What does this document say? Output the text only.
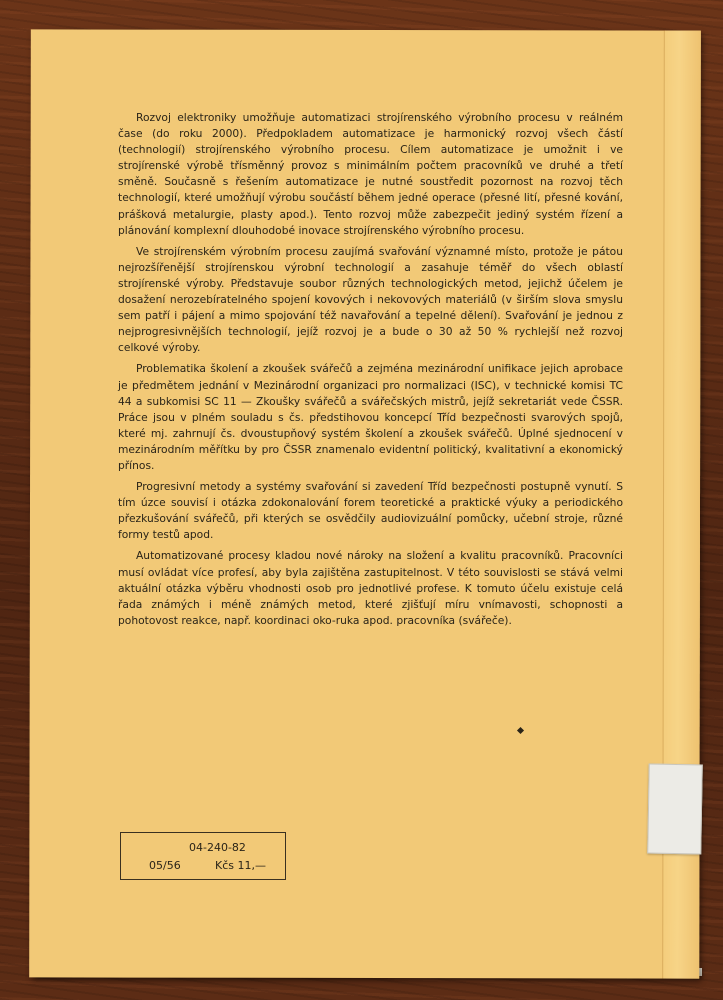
Rozvoj elektroniky umožňuje automatizaci strojírenského výrobního procesu v reálném čase (do roku 2000). Předpokladem automatizace je harmonický rozvoj všech částí (technologií) strojírenského výrobního procesu. Cílem automatizace je umožnit i ve strojírenské výrobě třísměnný provoz s minimálním počtem pracovníků ve druhé a třetí směně. Současně s řešením automatizace je nutné soustředit pozornost na rozvoj těch technologií, které umožňují výrobu součástí během jedné operace (přesné lití, přesné kování, prášková metalurgie, plasty apod.). Tento rozvoj může zabezpečit jediný systém řízení a plánování komplexní dlouhodobé inovace strojírenského výrobního procesu.

Ve strojírenském výrobním procesu zaujímá svařování významné místo, protože je pátou nejrozšířenější strojírenskou výrobní technologií a zasahuje téměř do všech oblastí strojírenské výroby. Představuje soubor různých technologických metod, jejichž účelem je dosažení nerozebíratelného spojení kovových i nekovových materiálů (v širším slova smyslu sem patří i pájení a mimo spojování též navařování a tepelné dělení). Svařování je jednou z nejprogresivnějších technologií, jejíž rozvoj je a bude o 30 až 50 % rychlejší než rozvoj celkové výroby.

Problematika školení a zkoušek svářečů a zejména mezinárodní unifikace jejich aprobace je předmětem jednání v Mezinárodní organizaci pro normalizaci (ISC), v technické komisi TC 44 a subkomisi SC 11 — Zkoušky svářečů a svářečských mistrů, jejíž sekretariát vede ČSSR. Práce jsou v plném souladu s čs. předstihovou koncepcí Tříd bezpečnosti svarových spojů, které mj. zahrnují čs. dvoustupňový systém školení a zkoušek svářečů. Úplné sjednocení v mezinárodním měřítku by pro ČSSR znamenalo evidentní politický, kvalitativní a ekonomický přínos.

Progresivní metody a systémy svařování si zavedení Tříd bezpečnosti postupně vynutí. S tím úzce souvisí i otázka zdokonalování forem teoretické a praktické výuky a periodického přezkušování svářečů, při kterých se osvědčily audiovizuální pomůcky, učební stroje, různé formy testů apod.

Automatizované procesy kladou nové nároky na složení a kvalitu pracovníků. Pracovníci musí ovládat více profesí, aby byla zajištěna zastupitelnost. V této souvislosti se stává velmi aktuální otázka výběru vhodnosti osob pro jednotlivé profese. K tomuto účelu existuje celá řada známých i méně známých metod, které zjišťují míru vnímavosti, schopnosti a pohotovost reakce, např. koordinaci oko-ruka apod. pracovníka (svářeče).

04-240-82
05/56	Kčs 11,—
